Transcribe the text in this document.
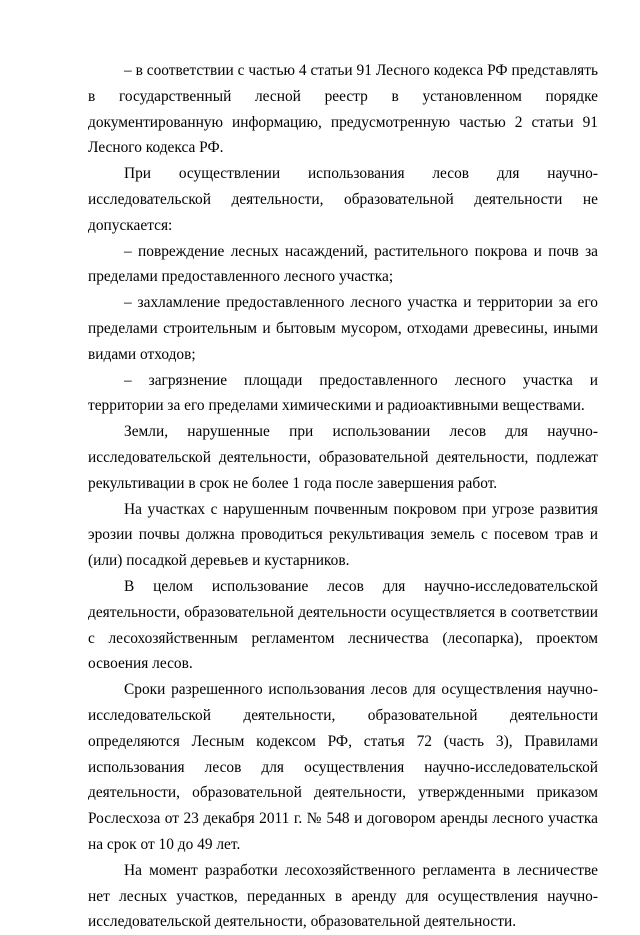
– в соответствии с частью 4 статьи 91 Лесного кодекса РФ представлять в государственный лесной реестр в установленном порядке документированную информацию, предусмотренную частью 2 статьи 91 Лесного кодекса РФ.

При осуществлении использования лесов для научно-исследовательской деятельности, образовательной деятельности не допускается:

– повреждение лесных насаждений, растительного покрова и почв за пределами предоставленного лесного участка;

– захламление предоставленного лесного участка и территории за его пределами строительным и бытовым мусором, отходами древесины, иными видами отходов;

– загрязнение площади предоставленного лесного участка и территории за его пределами химическими и радиоактивными веществами.

Земли, нарушенные при использовании лесов для научно- исследовательской деятельности, образовательной деятельности, подлежат рекультивации в срок не более 1 года после завершения работ.

На участках с нарушенным почвенным покровом при угрозе развития эрозии почвы должна проводиться рекультивация земель с посевом трав и (или) посадкой деревьев и кустарников.

В целом использование лесов для научно-исследовательской деятельности, образовательной деятельности осуществляется в соответствии с лесохозяйственным регламентом лесничества (лесопарка), проектом освоения лесов.

Сроки разрешенного использования лесов для осуществления научно-исследовательской деятельности, образовательной деятельности определяются Лесным кодексом РФ, статья 72 (часть 3), Правилами использования лесов для осуществления научно-исследовательской деятельности, образовательной деятельности, утвержденными приказом Рослесхоза от 23 декабря 2011 г. № 548 и договором аренды лесного участка на срок от 10 до 49 лет.

На момент разработки лесохозяйственного регламента в лесничестве нет лесных участков, переданных в аренду для осуществления научно-исследовательской деятельности, образовательной деятельности.
